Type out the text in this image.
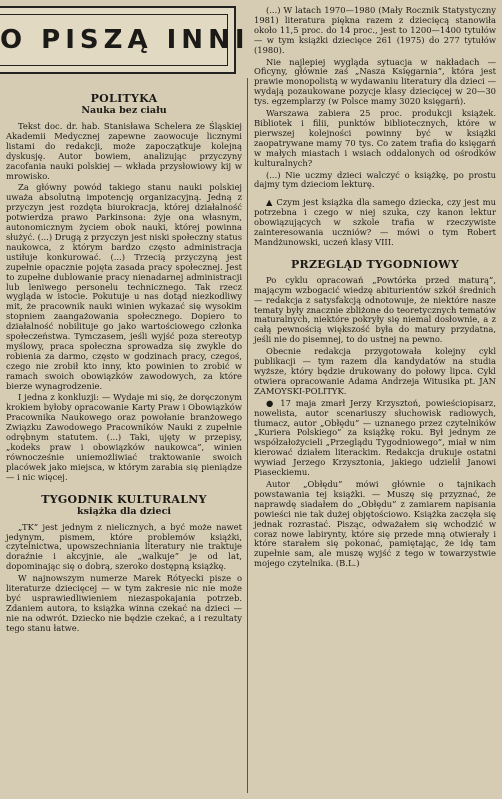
O PISZĄ INNI
POLITYKA
Nauka bez ciału

Tekst doc. dr. hab. Stanisława Schelera ze Śląskiej Akademii Medycznej zapewne zaowocuje licznymi listami do redakcji, może zapoczątkuje kolejną dyskusję. Autor bowiem, analizując przyczyny zacofania nauki polskiej — wkłada przysłowiowy kij w mrowisko.

Za główny powód takiego stanu nauki polskiej uważa absolutną impotencję organizacyjną. Jedną z przyczyn jest rozdęta biurokracja, której działalność potwierdza prawo Parkinsona: żyje ona własnym, autonomicznym życiem obok nauki, której powinna służyć. (...) Drugą z przyczyn jest niski społeczny status naukowca, z którym bardzo często administracja ustiłuje konkurować. (...) Trzecią przyczyną jest zupełnie opacznie pojęta zasada pracy społecznej. Jest to zupełne dublowanie pracy nienadarnej administracji lub leniwego personelu technicznego. Tak rzecz wygląda w istocie. Pokutuje u nas dotąd niezkodliwy mit, że pracownik nauki winien wykazać się wysokim stopniem zaangażowania społecznego. Dopiero to działalność nobilituje go jako wartościowego członka społeczeństwa. Tymczasem, jeśli wyjść poza stereotyp myślowy, praca społeczna sprowadza się zwykle do robienia za darmo, często w godzinach pracy, czegoś, czego nie zrobił kto inny, kto powinien to zrobić w ramach swoich obowiązków zawodowych, za które bierze wynagrodzenie.

I jedna z konkluzji: — Wydaje mi się, że doręczonym krokiem byłoby opracowanie Karty Praw i Obowiązków Pracownika Naukowego oraz powołanie branżowego Związku Zawodowego Pracowników Nauki z zupełnie odrębnym statutem. (...) Taki, ujęty w przepisy, „kodeks praw i obowiązków naukowca”, winien równocześnie uniemożliwiać traktowanie swoich placówek jako miejsca, w którym zarabia się pieniądze — i nic więcej.

TYGODNIK KULTURALNY
książka dla dzieci

„TK” jest jednym z nielicznych, a być może nawet jedynym, pismem, które problemów książki, czytelnictwa, upowszechniania literatury nie traktuje doraźnie i akcyjnie, ale „walkuje” je od lat, dopominając się o dobrą, szeroko dostępną książkę.

W najnowszym numerze Marek Rótyecki pisze o literaturze dziecięcej — w tym zakresie nic nie może być usprawiedliwieniem niezaspokajania potrzeb. Zdaniem autora, to książka winna czekać na dzieci — nie na odwrót. Dziecko nie będzie czekać, a i rezultaty tego stanu łatwe.

(...) W latach 1970—1980 (Mały Rocznik Statystyczny 1981) literatura piękna razem z dziecięcą stanowiła około 11,5 proc. do 14 proc., jest to 1200—1400 tytułów — w tym książki dziecięce 261 (1975) do 277 tytułów (1980).

Nie najlepiej wygląda sytuacja w nakładach — Oficyny, głównie zaś „Nasza Księgarnia”, która jest prawie monopolistą w wydawaniu literatury dla dzieci — wydają pozaukowane pozycje klasy dziecięcej w 20—30 tys. egzemplarzy (w Polsce mamy 3020 księgarń).

Warszawa zabiera 25 proc. produkcji książek. Bibliotek i filii, punktów bibliotecznych, które w pierwszej kolejności powinny być w książki zaopatrywane mamy 70 tys. Co zatem trafia do księgarń w małych miastach i wsiach oddalonych od ośrodków kulturalnych?

(...) Nie uczmy dzieci walczyć o książkę, po prostu dajmy tym dzieciom lekturę.

▲ Czym jest książka dla samego dziecka, czy jest mu potrzebna i czego w niej szuka, czy kanon lektur obowiązujących w szkole trafia w rzeczywiste zainteresowania uczniów? — mówi o tym Robert Mandżunowski, uczeń klasy VIII.

PRZEGLĄD TYGODNIOWY

Po cyklu opracowań „Powtórka przed maturą”, mającym wzbogacić wiedzę abiturientów szkół średnich — redakcja z satysfakcją odnotowuje, że niektóre nasze tematy były znacznie zbliżone do teoretycznych tematów maturalnych, niektóre pokryły się niemal dosłownie, a z całą pewnością większość była do matury przydatna, jeśli nie do pisemnej, to do ustnej na pewno.

Obecnie redakcja przygotowała kolejny cykl publikacji — tym razem dla kandydatów na studia wyższe, który będzie drukowany do połowy lipca. Cykl otwiera opracowanie Adama Andrzeja Witusika pt. JAN ZAMOYSKI-POLITYK.

● 17 maja zmarł Jerzy Krzysztoń, powieściopisarz, nowelista, autor scenariuszy słuchowisk radiowych, tłumacz, autor „Obłędu” — uznanego przez czytelników „Kuriera Polskiego” za książkę roku. Był jednym ze współzałożycieli „Przeglądu Tygodniowego”, miał w nim kierować działem literackim. Redakcja drukuje ostatni wywiad Jerzego Krzysztonia, jakiego udzielił Janowi Piaseckiemu.

Autor „Obłędu” mówi głównie o tajnikach powstawania tej książki. — Muszę się przyznać, że naprawdę siadałem do „Obłędu” z zamiarem napisania powieści nie tak dużej objętościowo. Książka zaczęła się jednak rozrastać. Pisząc, odważałem się wchodzić w coraz nowe labirynty, które się przede mną otwierały i które starałem się pokonać, pamiętając, że idę tam zupełnie sam, ale muszę wyjść z tego w towarzystwie mojego czytelnika. (B.L.)
